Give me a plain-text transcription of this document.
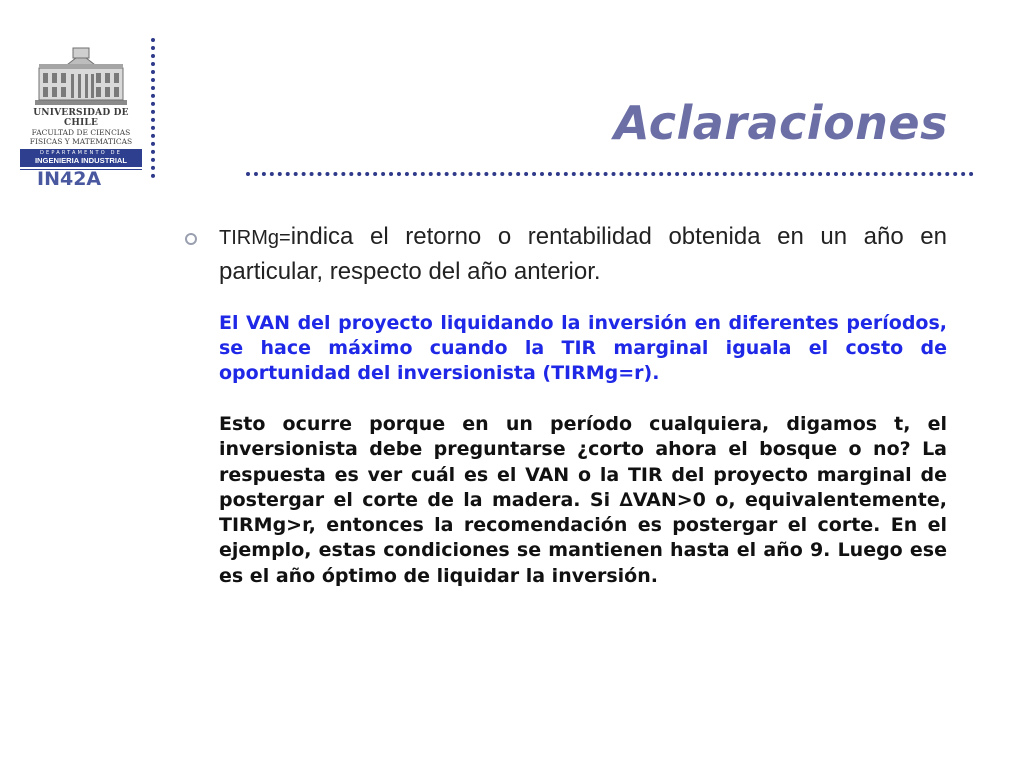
UNIVERSIDAD DE CHILE
FACULTAD DE CIENCIAS
FISICAS Y MATEMATICAS
DEPARTAMENTO DE
INGENIERIA INDUSTRIAL
IN42A
Aclaraciones

TIRMg=indica el retorno o rentabilidad obtenida en un año en particular, respecto del año anterior.

El VAN del proyecto liquidando la inversión en diferentes períodos, se hace máximo cuando la TIR marginal iguala el costo de oportunidad del inversionista (TIRMg=r).

Esto ocurre porque en un período cualquiera, digamos t, el inversionista debe preguntarse ¿corto ahora el bosque o no? La respuesta es ver cuál es el VAN o la TIR del proyecto marginal de postergar el corte de la madera. Si ∆VAN>0 o, equivalentemente, TIRMg>r, entonces la recomendación es postergar el corte. En el ejemplo, estas condiciones se mantienen hasta el año 9. Luego ese es el año óptimo de liquidar la inversión.
